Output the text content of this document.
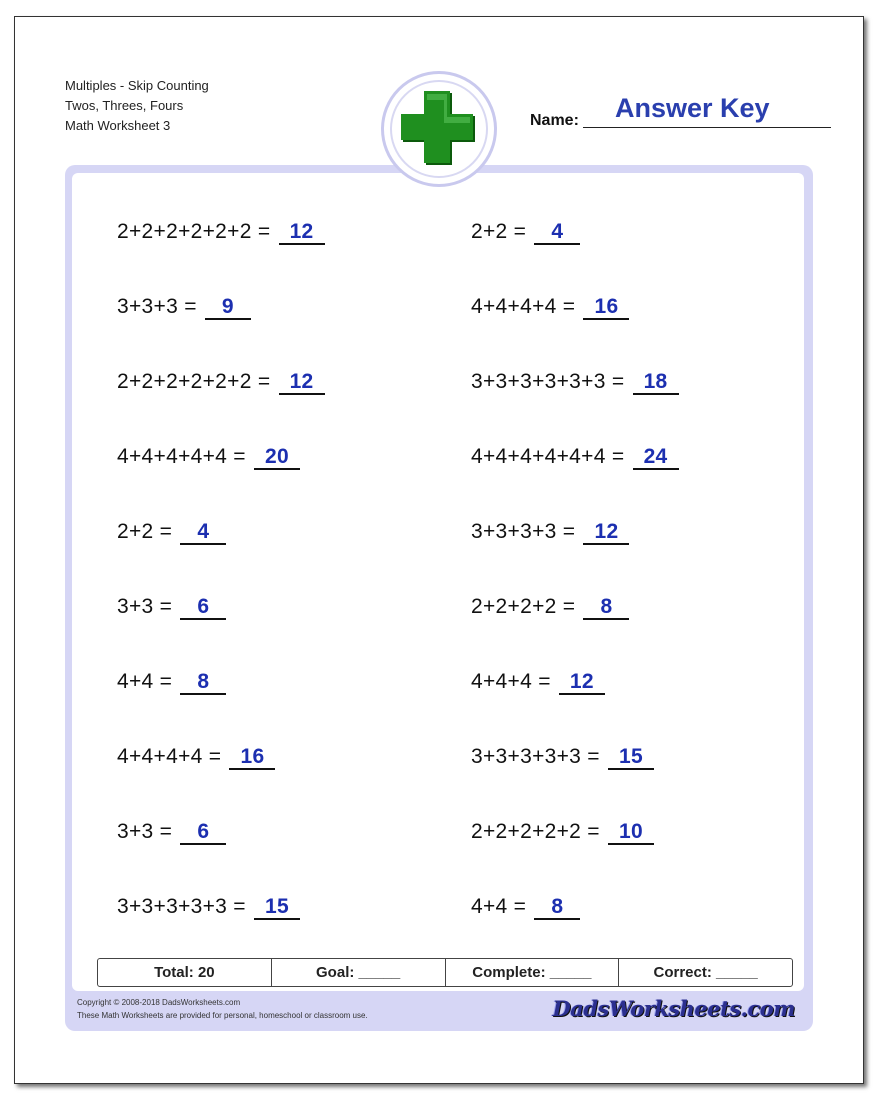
Multiples - Skip Counting
Twos, Threes, Fours
Math Worksheet 3
Answer Key
Name:
2+2+2+2+2+2 = 12
3+3+3 = 9
2+2+2+2+2+2 = 12
4+4+4+4+4 = 20
2+2 = 4
3+3 = 6
4+4 = 8
4+4+4+4 = 16
3+3 = 6
3+3+3+3+3 = 15
2+2 = 4
4+4+4+4 = 16
3+3+3+3+3+3 = 18
4+4+4+4+4+4 = 24
3+3+3+3 = 12
2+2+2+2 = 8
4+4+4 = 12
3+3+3+3+3 = 15
2+2+2+2+2 = 10
4+4 = 8
Total: 20	Goal: _____	Complete: _____	Correct: _____
Copyright © 2008-2018 DadsWorksheets.com
These Math Worksheets are provided for personal, homeschool or classroom use.	DadsWorksheets.com
